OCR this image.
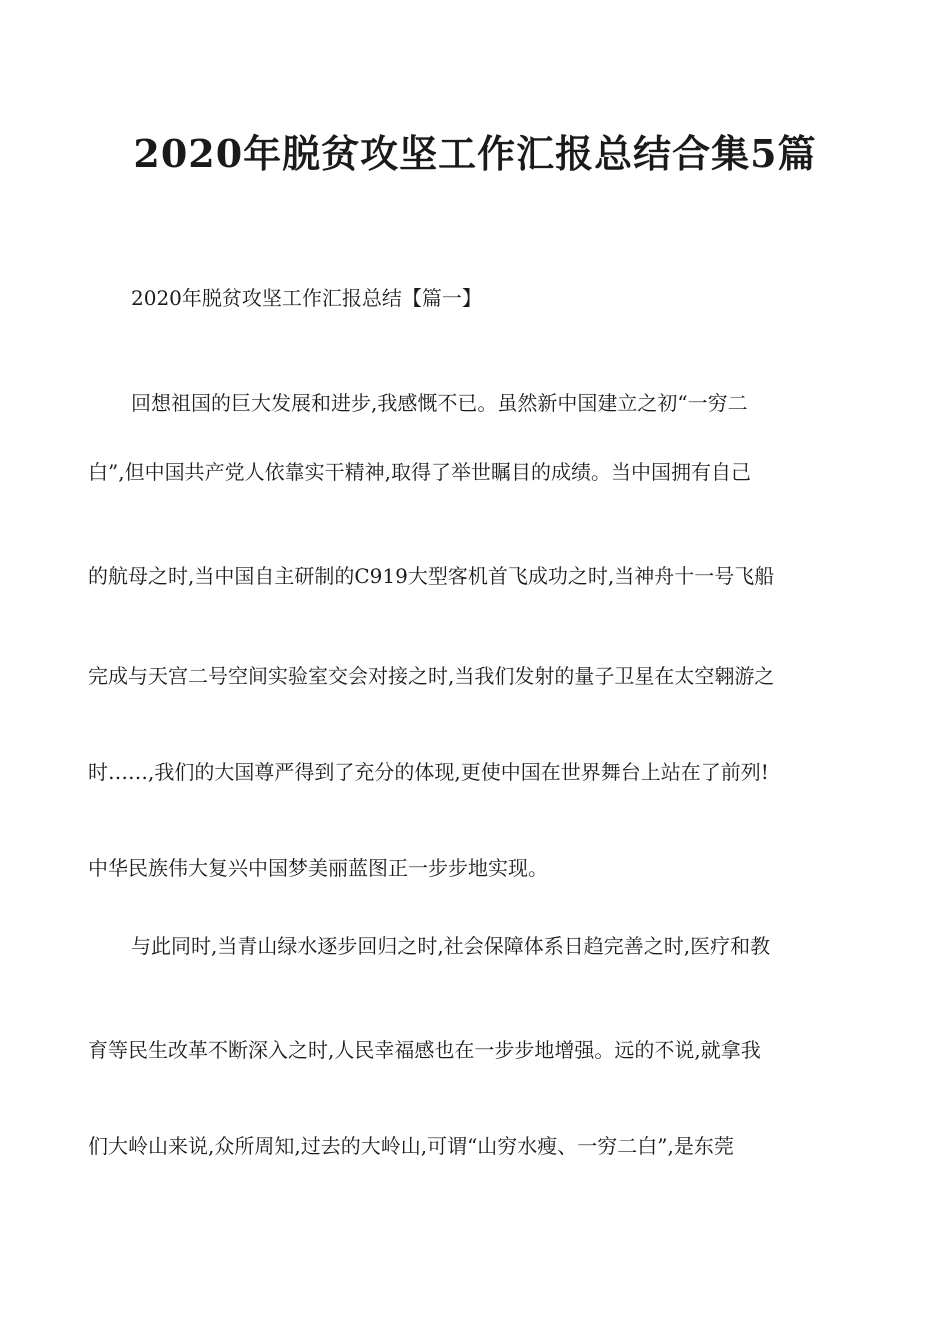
2020年脱贫攻坚工作汇报总结合集5篇

2020年脱贫攻坚工作汇报总结【篇一】

回想祖国的巨大发展和进步,我感慨不已。虽然新中国建立之初“一穷二

白”,但中国共产党人依靠实干精神,取得了举世瞩目的成绩。当中国拥有自己

的航母之时,当中国自主研制的C919大型客机首飞成功之时,当神舟十一号飞船

完成与天宫二号空间实验室交会对接之时,当我们发射的量子卫星在太空翱游之

时……,我们的大国尊严得到了充分的体现,更使中国在世界舞台上站在了前列!

中华民族伟大复兴中国梦美丽蓝图正一步步地实现。

与此同时,当青山绿水逐步回归之时,社会保障体系日趋完善之时,医疗和教

育等民生改革不断深入之时,人民幸福感也在一步步地增强。远的不说,就拿我

们大岭山来说,众所周知,过去的大岭山,可谓“山穷水瘦、一穷二白”,是东莞
